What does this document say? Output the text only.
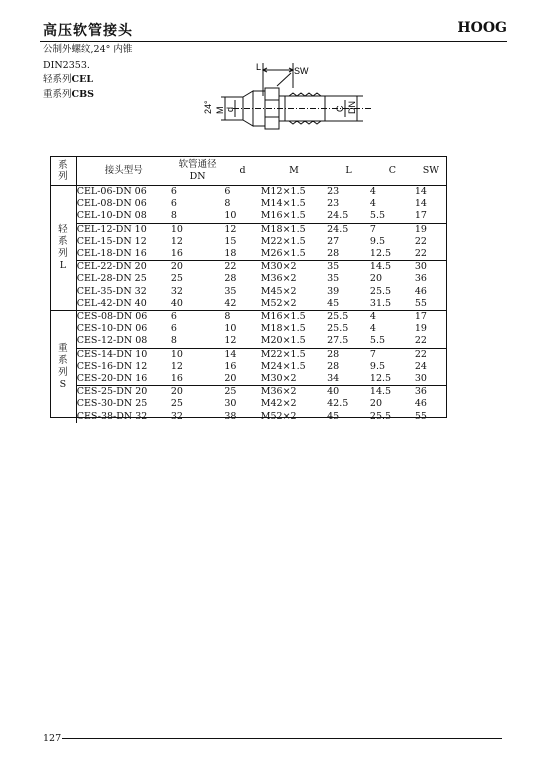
高压软管接头	HOOG
公制外螺纹,24° 内锥
DIN2353.
轻系列CEL
重系列CBS
L	SW
24° M d	C DN
系列	接头型号	软管通径
DN	d	M	L	C	SW

轻
系
列
L	CEL-06-DN 06	6	6	M12×1.5	23	4	14
	CEL-08-DN 06	6	8	M14×1.5	23	4	14
	CEL-10-DN 08	8	10	M16×1.5	24.5	5.5	17
	CEL-12-DN 10	10	12	M18×1.5	24.5	7	19
	CEL-15-DN 12	12	15	M22×1.5	27	9.5	22
	CEL-18-DN 16	16	18	M26×1.5	28	12.5	22
	CEL-22-DN 20	20	22	M30×2	35	14.5	30
	CEL-28-DN 25	25	28	M36×2	35	20	36
	CEL-35-DN 32	32	35	M45×2	39	25.5	46
	CEL-42-DN 40	40	42	M52×2	45	31.5	55

重
系
列
S	CES-08-DN 06	6	8	M16×1.5	25.5	4	17
	CES-10-DN 06	6	10	M18×1.5	25.5	4	19
	CES-12-DN 08	8	12	M20×1.5	27.5	5.5	22
	CES-14-DN 10	10	14	M22×1.5	28	7	22
	CES-16-DN 12	12	16	M24×1.5	28	9.5	24
	CES-20-DN 16	16	20	M30×2	34	12.5	30
	CES-25-DN 20	20	25	M36×2	40	14.5	36
	CES-30-DN 25	25	30	M42×2	42.5	20	46
	CES-38-DN 32	32	38	M52×2	45	25.5	55
127
